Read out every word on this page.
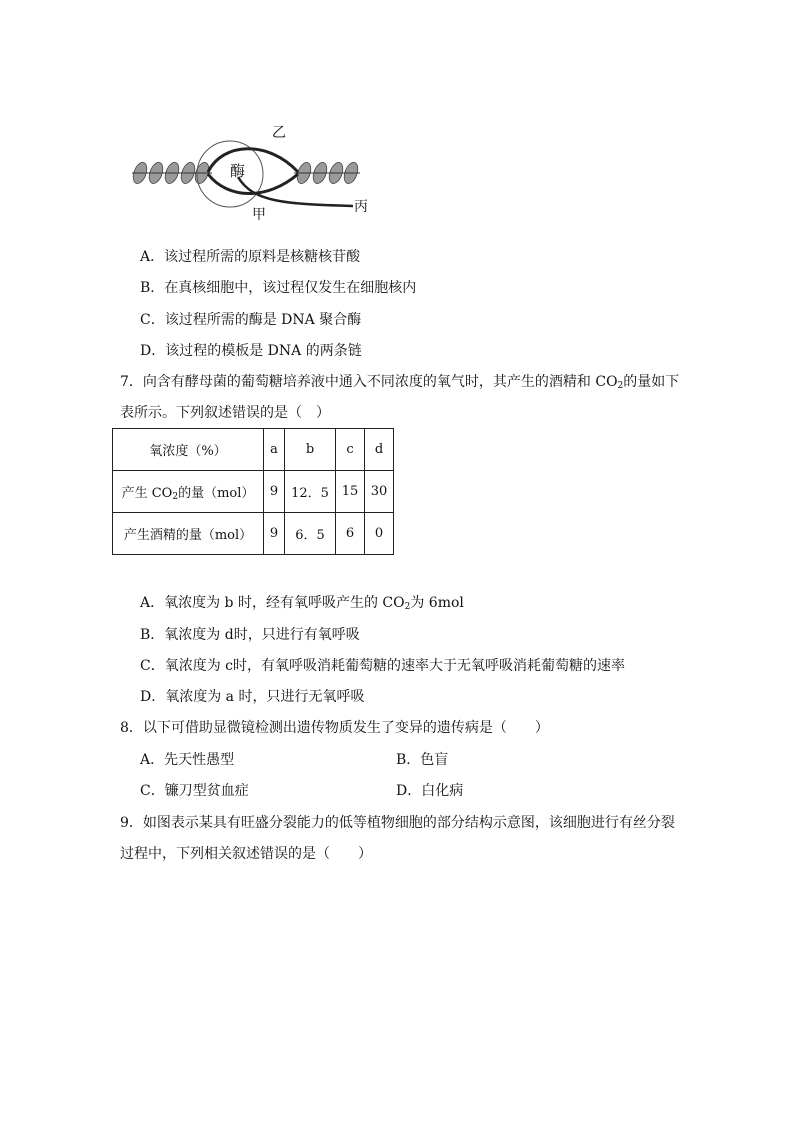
乙
酶
甲	丙
A．该过程所需的原料是核糖核苷酸
B．在真核细胞中，该过程仅发生在细胞核内
C．该过程所需的酶是 DNA 聚合酶
D．该过程的模板是 DNA 的两条链
7．向含有酵母菌的葡萄糖培养液中通入不同浓度的氧气时，其产生的酒精和 $CO_2$的量如下
表所示。下列叙述错误的是（　）
氧浓度（%）	a	b	c	d
产生 $CO_2$的量（mol）	9	12．5	15	30
产生酒精的量（mol）	9	6．5	6	0
A．氧浓度为 b 时，经有氧呼吸产生的 $CO_2$为 6mol
B．氧浓度为 d时，只进行有氧呼吸
C．氧浓度为 c时，有氧呼吸消耗葡萄糖的速率大于无氧呼吸消耗葡萄糖的速率
D．氧浓度为 a 时，只进行无氧呼吸
8．以下可借助显微镜检测出遗传物质发生了变异的遗传病是（　　）
A．先天性愚型	B．色盲
C．镰刀型贫血症	D．白化病
9．如图表示某具有旺盛分裂能力的低等植物细胞的部分结构示意图，该细胞进行有丝分裂
过程中，下列相关叙述错误的是（　　）
